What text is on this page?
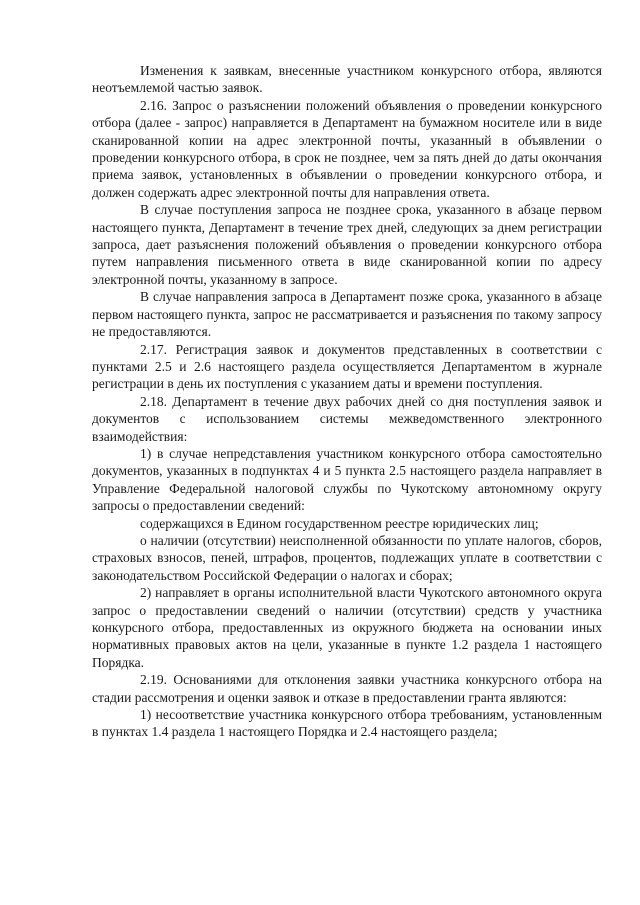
Изменения к заявкам, внесенные участником конкурсного отбора, являются неотъемлемой частью заявок.

2.16. Запрос о разъяснении положений объявления о проведении конкурсного отбора (далее - запрос) направляется в Департамент на бумажном носителе или в виде сканированной копии на адрес электронной почты, указанный в объявлении о проведении конкурсного отбора, в срок не позднее, чем за пять дней до даты окончания приема заявок, установленных в объявлении о проведении конкурсного отбора, и должен содержать адрес электронной почты для направления ответа.

В случае поступления запроса не позднее срока, указанного в абзаце первом настоящего пункта, Департамент в течение трех дней, следующих за днем регистрации запроса, дает разъяснения положений объявления о проведении конкурсного отбора путем направления письменного ответа в виде сканированной копии по адресу электронной почты, указанному в запросе.

В случае направления запроса в Департамент позже срока, указанного в абзаце первом настоящего пункта, запрос не рассматривается и разъяснения по такому запросу не предоставляются.

2.17. Регистрация заявок и документов представленных в соответствии с пунктами 2.5 и 2.6 настоящего раздела осуществляется Департаментом в журнале регистрации в день их поступления с указанием даты и времени поступления.

2.18. Департамент в течение двух рабочих дней со дня поступления заявок и документов с использованием системы межведомственного электронного взаимодействия:

1) в случае непредставления участником конкурсного отбора самостоятельно документов, указанных в подпунктах 4 и 5 пункта 2.5 настоящего раздела направляет в Управление Федеральной налоговой службы по Чукотскому автономному округу запросы о предоставлении сведений:

содержащихся в Едином государственном реестре юридических лиц;

о наличии (отсутствии) неисполненной обязанности по уплате налогов, сборов, страховых взносов, пеней, штрафов, процентов, подлежащих уплате в соответствии с законодательством Российской Федерации о налогах и сборах;

2) направляет в органы исполнительной власти Чукотского автономного округа запрос о предоставлении сведений о наличии (отсутствии) средств у участника конкурсного отбора, предоставленных из окружного бюджета на основании иных нормативных правовых актов на цели, указанные в пункте 1.2 раздела 1 настоящего Порядка.

2.19. Основаниями для отклонения заявки участника конкурсного отбора на стадии рассмотрения и оценки заявок и отказе в предоставлении гранта являются:

1) несоответствие участника конкурсного отбора требованиям, установленным в пунктах 1.4 раздела 1 настоящего Порядка и 2.4 настоящего раздела;
